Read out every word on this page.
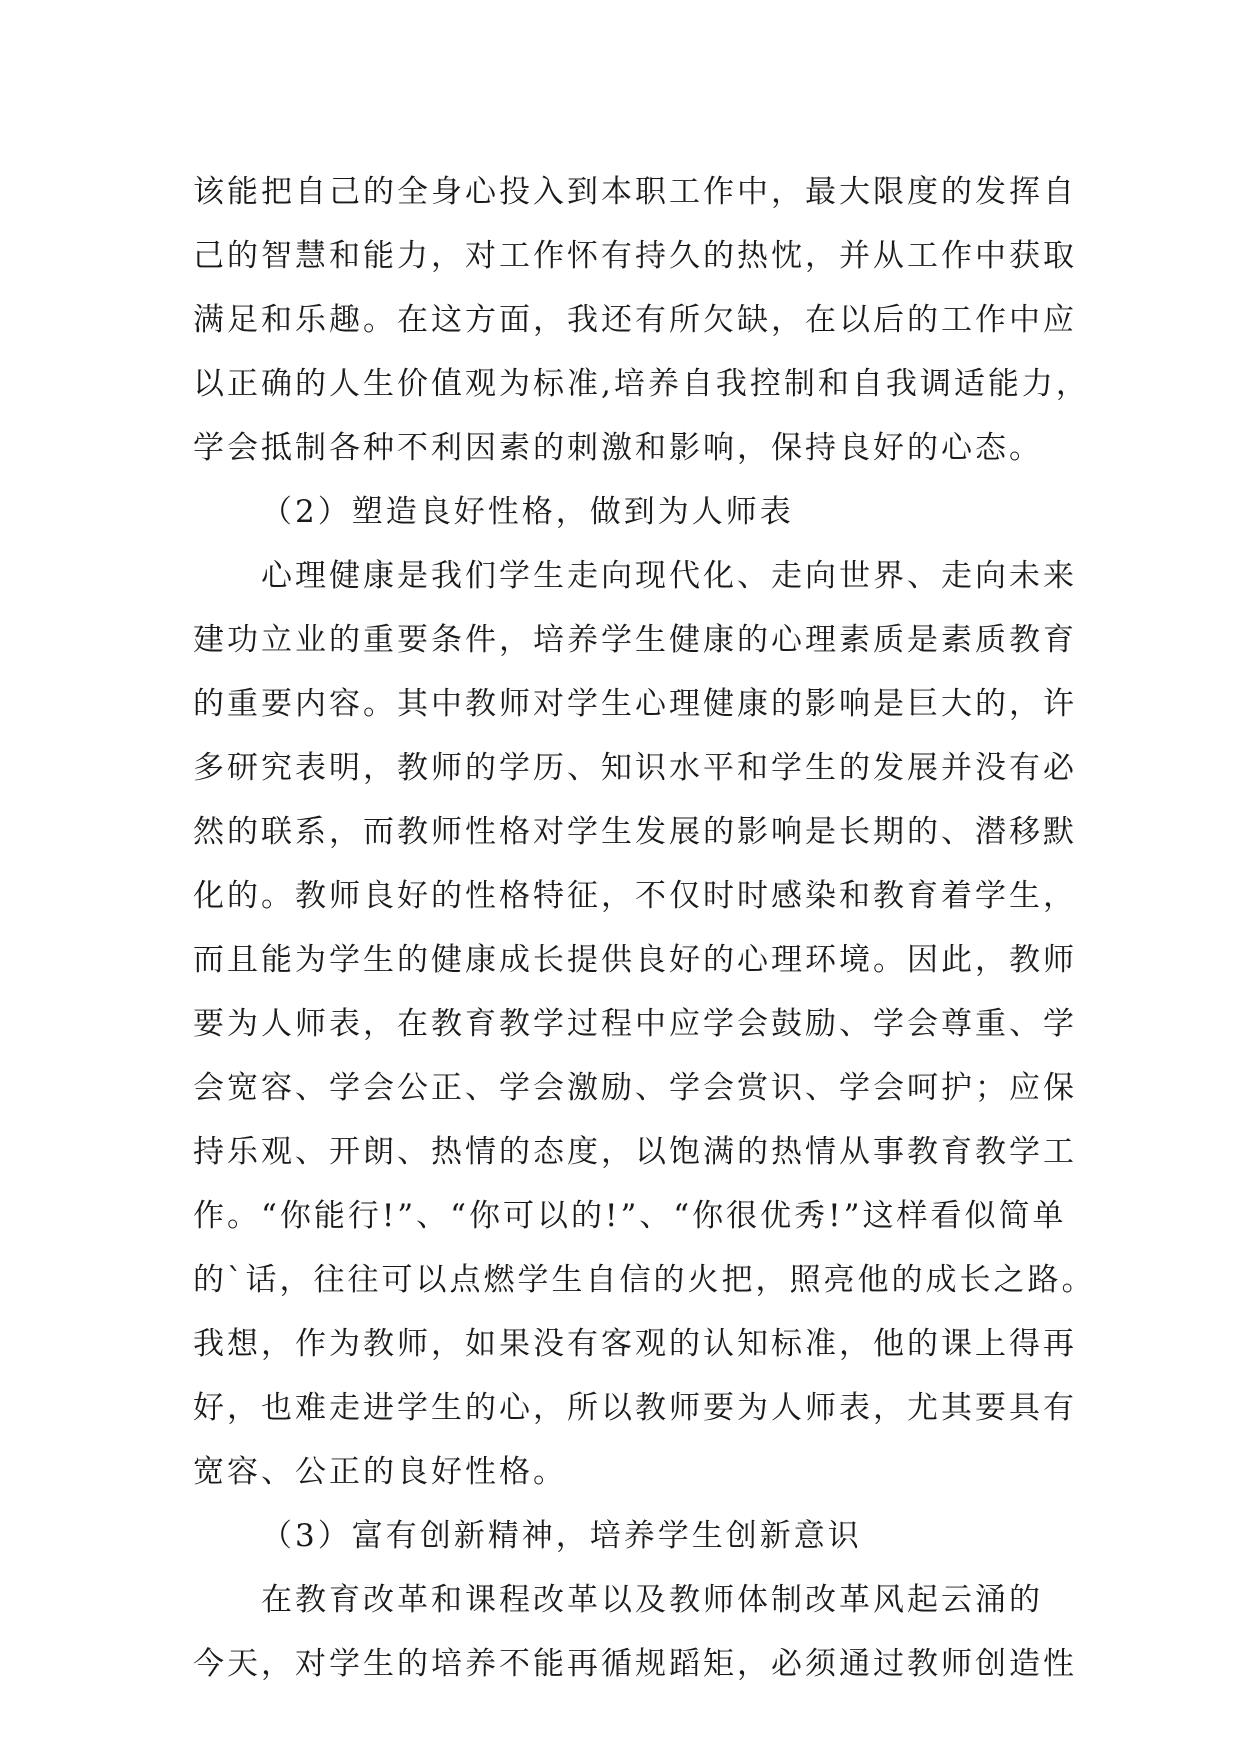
该能把自己的全身心投入到本职工作中，最大限度的发挥自
己的智慧和能力，对工作怀有持久的热忱，并从工作中获取
满足和乐趣。在这方面，我还有所欠缺，在以后的工作中应
以正确的人生价值观为标准,培养自我控制和自我调适能力，
学会抵制各种不利因素的刺激和影响，保持良好的心态。
（2）塑造良好性格，做到为人师表
心理健康是我们学生走向现代化、走向世界、走向未来
建功立业的重要条件，培养学生健康的心理素质是素质教育
的重要内容。其中教师对学生心理健康的影响是巨大的，许
多研究表明，教师的学历、知识水平和学生的发展并没有必
然的联系，而教师性格对学生发展的影响是长期的、潜移默
化的。教师良好的性格特征，不仅时时感染和教育着学生，
而且能为学生的健康成长提供良好的心理环境。因此，教师
要为人师表，在教育教学过程中应学会鼓励、学会尊重、学
会宽容、学会公正、学会激励、学会赏识、学会呵护；应保
持乐观、开朗、热情的态度，以饱满的热情从事教育教学工
作。“你能行!”、“你可以的!”、“你很优秀!”这样看似简单
的`话，往往可以点燃学生自信的火把，照亮他的成长之路。
我想，作为教师，如果没有客观的认知标准，他的课上得再
好，也难走进学生的心，所以教师要为人师表，尤其要具有
宽容、公正的良好性格。
（3）富有创新精神，培养学生创新意识
在教育改革和课程改革以及教师体制改革风起云涌的
今天，对学生的培养不能再循规蹈矩，必须通过教师创造性
